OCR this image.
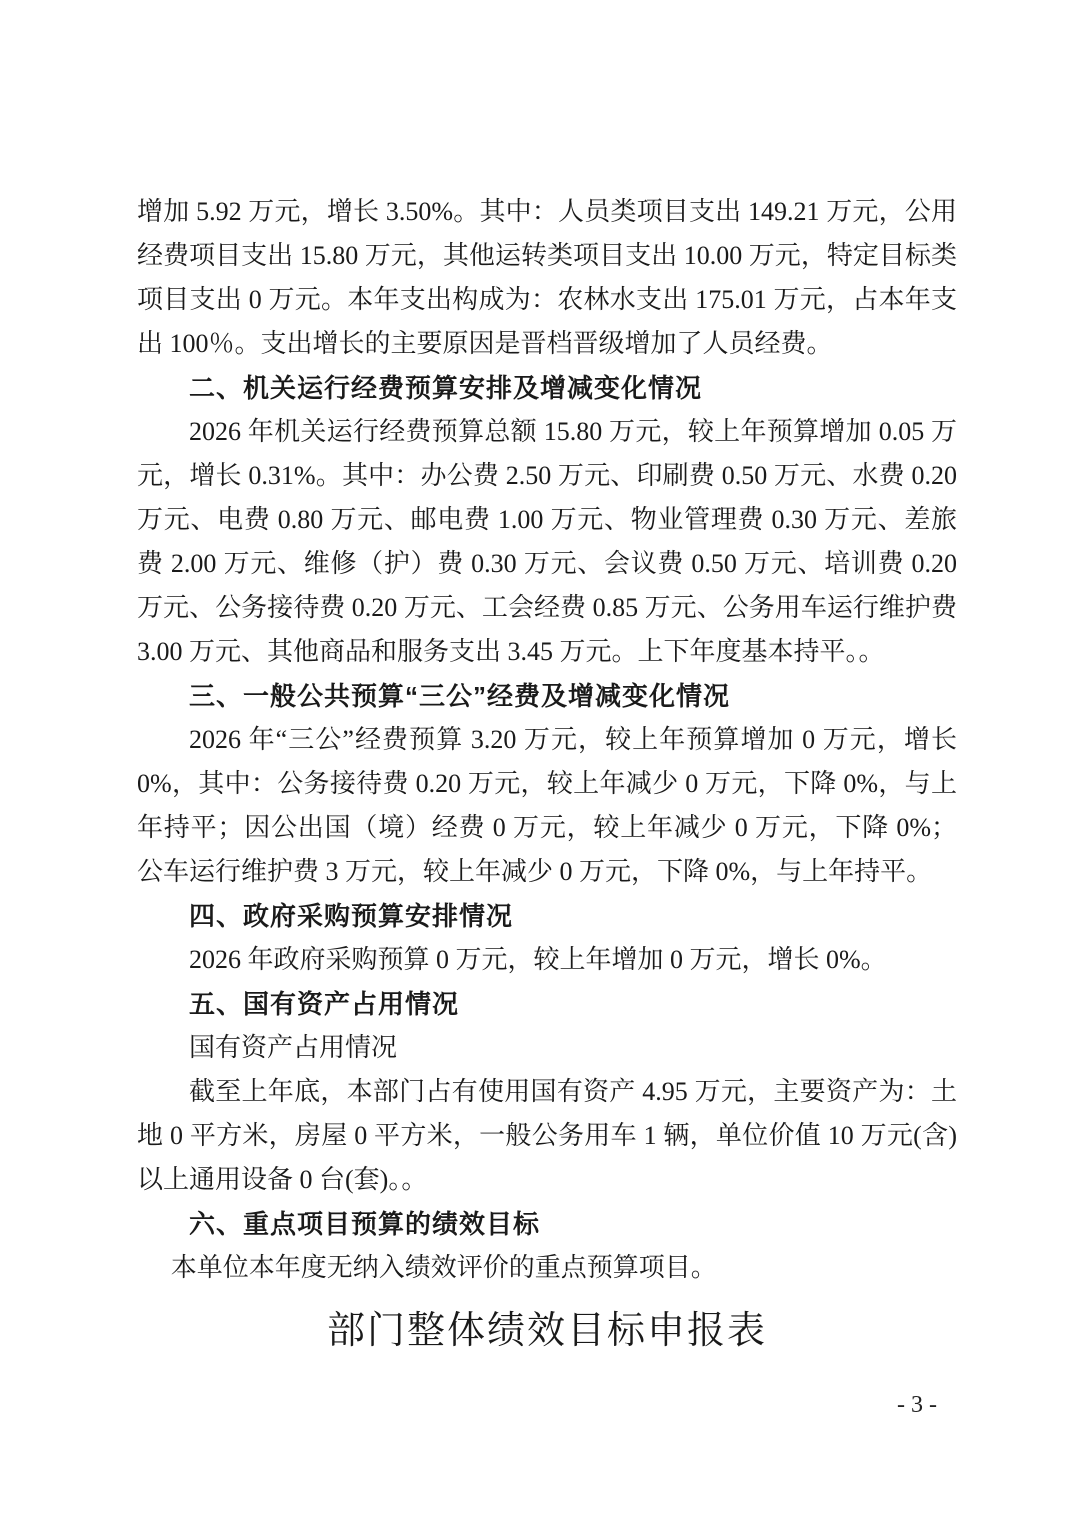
增加 5.92 万元，增长 3.50%。其中：人员类项目支出 149.21 万元，公用经费项目支出 15.80 万元，其他运转类项目支出 10.00 万元，特定目标类项目支出 0 万元。本年支出构成为：农林水支出 175.01 万元，占本年支出 100％。支出增长的主要原因是晋档晋级增加了人员经费。

二、机关运行经费预算安排及增减变化情况

2026 年机关运行经费预算总额 15.80 万元，较上年预算增加 0.05 万元，增长 0.31%。其中：办公费 2.50 万元、印刷费 0.50 万元、水费 0.20 万元、电费 0.80 万元、邮电费 1.00 万元、物业管理费 0.30 万元、差旅费 2.00 万元、维修（护）费 0.30 万元、会议费 0.50 万元、培训费 0.20 万元、公务接待费 0.20 万元、工会经费 0.85 万元、公务用车运行维护费 3.00 万元、其他商品和服务支出 3.45 万元。上下年度基本持平。。

三、一般公共预算“三公”经费及增减变化情况

2026 年“三公”经费预算 3.20 万元，较上年预算增加 0 万元，增长 0%，其中：公务接待费 0.20 万元，较上年减少 0 万元，下降 0%，与上年持平；因公出国（境）经费 0 万元，较上年减少 0 万元，下降 0%；公车运行维护费 3 万元，较上年减少 0 万元，下降 0%，与上年持平。

四、政府采购预算安排情况

2026 年政府采购预算 0 万元，较上年增加 0 万元，增长 0%。

五、国有资产占用情况

国有资产占用情况

截至上年底，本部门占有使用国有资产 4.95 万元，主要资产为：土地 0 平方米，房屋 0 平方米，一般公务用车 1 辆，单位价值 10 万元(含)以上通用设备 0 台(套)。。

六、重点项目预算的绩效目标

本单位本年度无纳入绩效评价的重点预算项目。

部门整体绩效目标申报表
- 3 -
